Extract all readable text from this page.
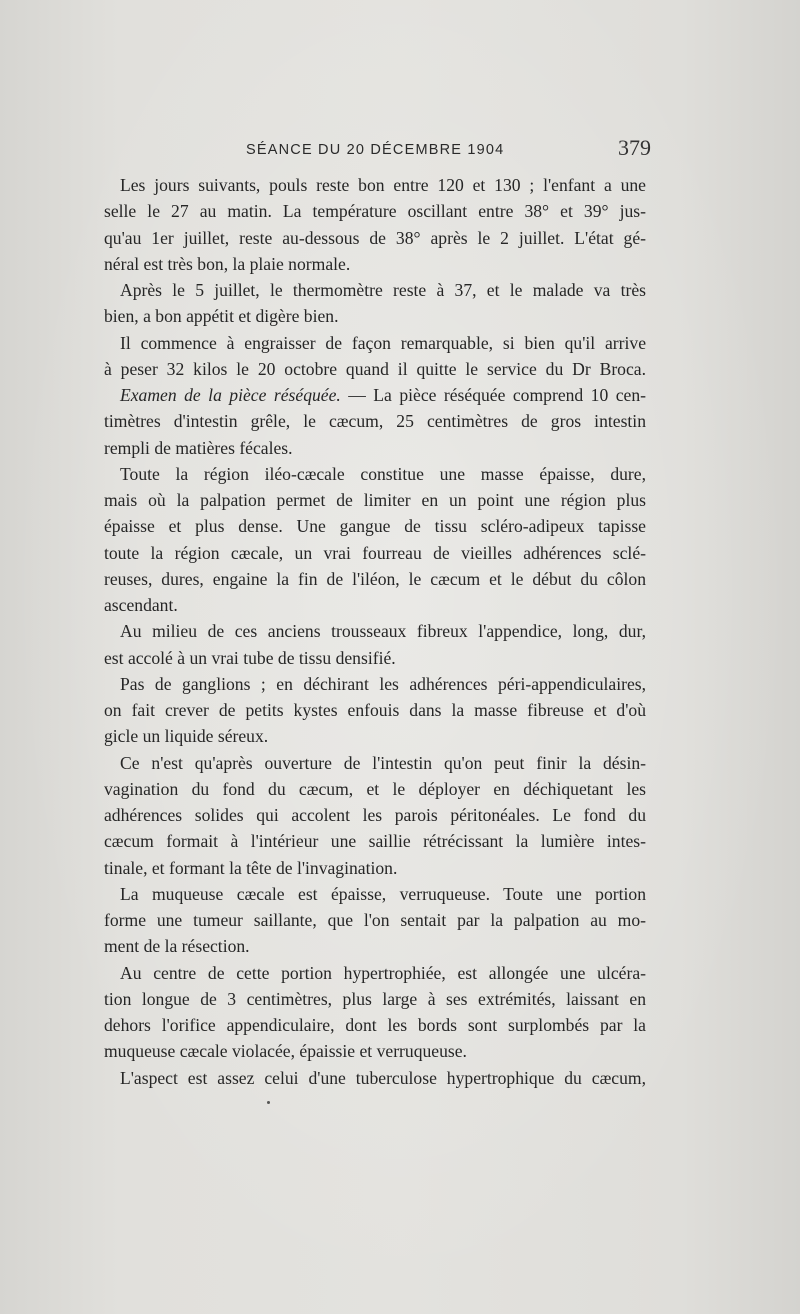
SÉANCE DU 20 DÉCEMBRE 1904	379
Les jours suivants, pouls reste bon entre 120 et 130 ; l'enfant a une
selle le 27 au matin. La température oscillant entre 38° et 39° jus-
qu'au 1er juillet, reste au-dessous de 38° après le 2 juillet. L'état gé-
néral est très bon, la plaie normale.
Après le 5 juillet, le thermomètre reste à 37, et le malade va très
bien, a bon appétit et digère bien.
Il commence à engraisser de façon remarquable, si bien qu'il arrive
à peser 32 kilos le 20 octobre quand il quitte le service du Dr Broca.
Examen de la pièce réséquée. — La pièce réséquée comprend 10 cen-
timètres d'intestin grêle, le cæcum, 25 centimètres de gros intestin
rempli de matières fécales.
Toute la région iléo-cæcale constitue une masse épaisse, dure,
mais où la palpation permet de limiter en un point une région plus
épaisse et plus dense. Une gangue de tissu scléro-adipeux tapisse
toute la région cæcale, un vrai fourreau de vieilles adhérences sclé-
reuses, dures, engaine la fin de l'iléon, le cæcum et le début du côlon
ascendant.
Au milieu de ces anciens trousseaux fibreux l'appendice, long, dur,
est accolé à un vrai tube de tissu densifié.
Pas de ganglions ; en déchirant les adhérences péri-appendiculaires,
on fait crever de petits kystes enfouis dans la masse fibreuse et d'où
gicle un liquide séreux.
Ce n'est qu'après ouverture de l'intestin qu'on peut finir la désin-
vagination du fond du cæcum, et le déployer en déchiquetant les
adhérences solides qui accolent les parois péritonéales. Le fond du
cæcum formait à l'intérieur une saillie rétrécissant la lumière intes-
tinale, et formant la tête de l'invagination.
La muqueuse cæcale est épaisse, verruqueuse. Toute une portion
forme une tumeur saillante, que l'on sentait par la palpation au mo-
ment de la résection.
Au centre de cette portion hypertrophiée, est allongée une ulcéra-
tion longue de 3 centimètres, plus large à ses extrémités, laissant en
dehors l'orifice appendiculaire, dont les bords sont surplombés par la
muqueuse cæcale violacée, épaissie et verruqueuse.
L'aspect est assez celui d'une tuberculose hypertrophique du cæcum,
